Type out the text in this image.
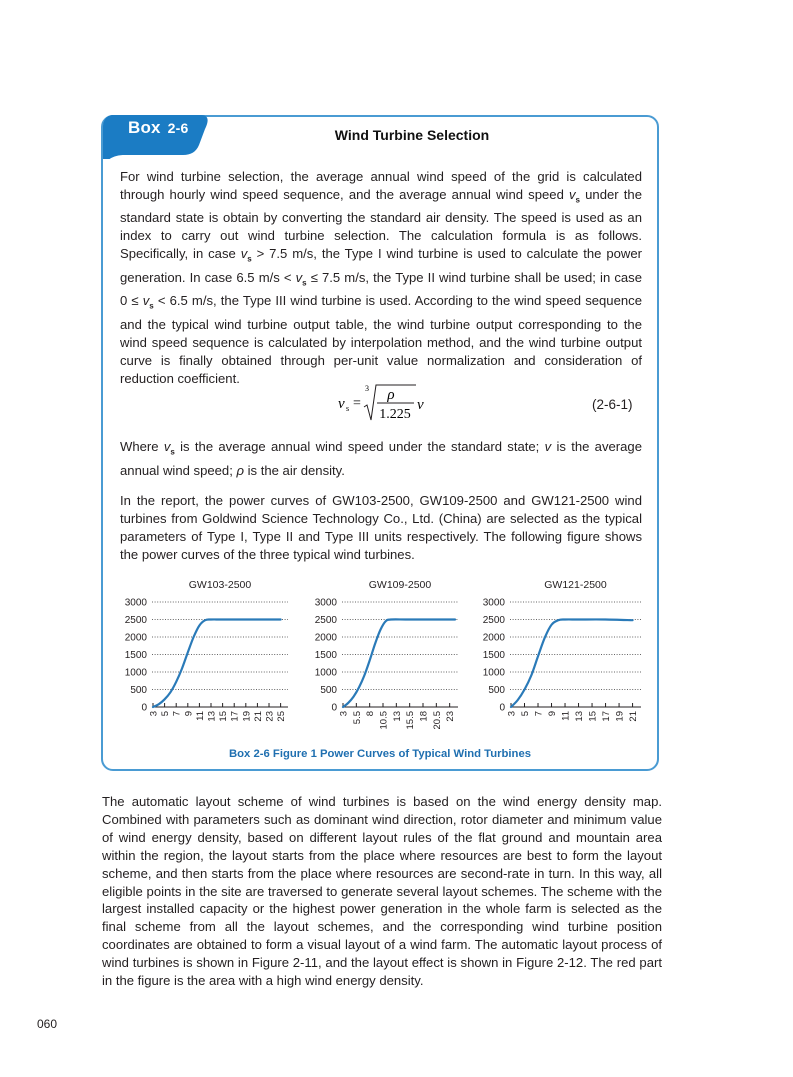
Box 2-6	Wind Turbine Selection
For wind turbine selection, the average annual wind speed of the grid is calculated through hourly wind speed sequence, and the average annual wind speed $v_s$ under the standard state is obtain by converting the standard air density. The speed is used as an index to carry out wind turbine selection. The calculation formula is as follows. Specifically, in case $v_s > 7.5$ m/s, the Type I wind turbine is used to calculate the power generation. In case 6.5 $m/s < v_s \le 7.5$ m/s, the Type II wind turbine shall be used; in case $0 \le v_s < 6.5$ m/s, the Type III wind turbine is used. According to the wind speed sequence and the typical wind turbine output table, the wind turbine output corresponding to the wind speed sequence is calculated by interpolation method, and the wind turbine output curve is finally obtained through per-unit value normalization and consideration of reduction coefficient.
v s =
3 ρ
1.225
v	(2-6-1)
Where $v_s$ is the average annual wind speed under the standard state; v is the average annual wind speed; ρ is the air density.
In the report, the power curves of GW103-2500, GW109-2500 and GW121-2500 wind turbines from Goldwind Science Technology Co., Ltd. (China) are selected as the typical parameters of Type I, Type II and Type III units respectively. The following figure shows the power curves of the three typical wind turbines.
GW103-2500
0
500
1000
1500
2000
2500
3000
3 5 7 9 11 13 15 17 19 21 23 25
GW109-2500
0
500
1000
1500
2000
2500
3000
3 5.5 8 10.5 13 15.5 18 20.5 23
GW121-2500
0
500
1000
1500
2000
2500
3000
3 5 7 9 11 13 15 17 19 21
Box 2-6 Figure 1 Power Curves of Typical Wind Turbines
The automatic layout scheme of wind turbines is based on the wind energy density map. Combined with parameters such as dominant wind direction, rotor diameter and minimum value of wind energy density, based on different layout rules of the flat ground and mountain area within the region, the layout starts from the place where resources are best to form the layout scheme, and then starts from the place where resources are second-rate in turn. In this way, all eligible points in the site are traversed to generate several layout schemes. The scheme with the largest installed capacity or the highest power generation in the whole farm is selected as the final scheme from all the layout schemes, and the corresponding wind turbine position coordinates are obtained to form a visual layout of a wind farm. The automatic layout process of wind turbines is shown in Figure 2-11, and the layout effect is shown in Figure 2-12. The red part in the figure is the area with a high wind energy density.
060
